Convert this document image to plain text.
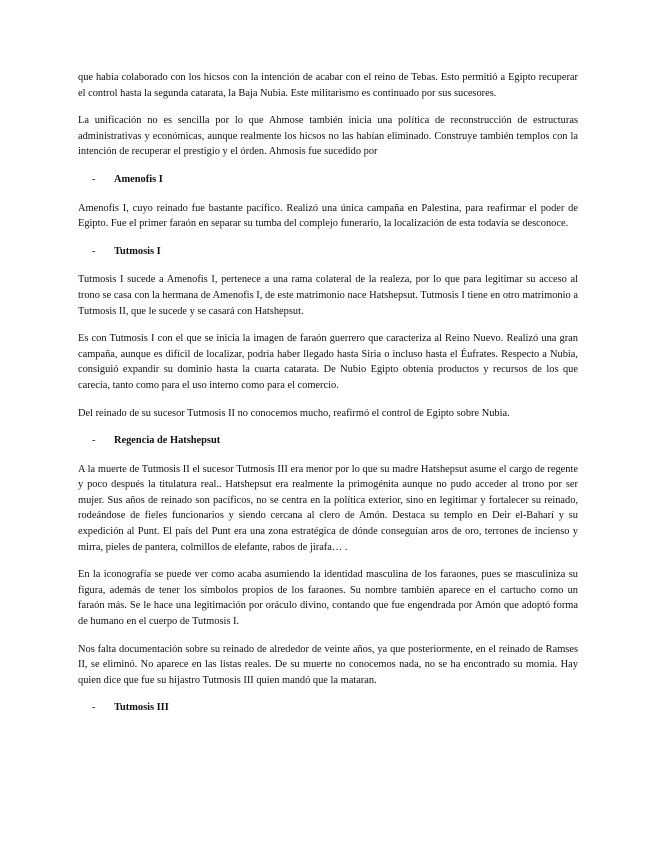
que había colaborado con los hicsos con la intención de acabar con el reino de Tebas. Esto permitió a Egipto recuperar el control hasta la segunda catarata, la Baja Nubia. Este militarismo es continuado por sus sucesores.

La unificación no es sencilla por lo que Ahmose también inicia una política de reconstrucción de estructuras administrativas y económicas, aunque realmente los hicsos no las habían eliminado. Construye también templos con la intención de recuperar el prestigio y el órden. Ahmosis fue sucedido por

-	Amenofis I

Amenofis I, cuyo reinado fue bastante pacífico. Realizó una única campaña en Palestina, para reafirmar el poder de Egipto. Fue el primer faraón en separar su tumba del complejo funerario, la localización de esta todavía se desconoce.

-	Tutmosis I

Tutmosis I sucede a Amenofis I, pertenece a una rama colateral de la realeza, por lo que para legitimar su acceso al trono se casa con la hermana de Amenofis I, de este matrimonio nace Hatshepsut. Tutmosis I tiene en otro matrimonio a Tutmosis II, que le sucede y se casará con Hatshepsut.

Es con Tutmosis I con el que se inicia la imagen de faraón guerrero que caracteriza al Reino Nuevo. Realizó una gran campaña, aunque es difícil de localizar, podría haber llegado hasta Siria o incluso hasta el Éufrates. Respecto a Nubia, consiguió expandir su dominio hasta la cuarta catarata. De Nubio Egipto obtenía productos y recursos de los que carecía, tanto como para el uso interno como para el comercio.

Del reinado de su sucesor Tutmosis II no conocemos mucho, reafirmó el control de Egipto sobre Nubia.

-	Regencia de Hatshepsut

A la muerte de Tutmosis II el sucesor Tutmosis III era menor por lo que su madre Hatshepsut asume el cargo de regente y poco después la titulatura real.. Hatshepsut era realmente la primogénita aunque no pudo acceder al trono por ser mujer. Sus años de reinado son pacíficos, no se centra en la política exterior, sino en legitimar y fortalecer su reinado, rodeándose de fieles funcionarios y siendo cercana al clero de Amón. Destaca su templo en Deir el-Baharí y su expedición al Punt. El país del Punt era una zona estratégica de dónde conseguían aros de oro, terrones de incienso y mirra, pieles de pantera, colmillos de elefante, rabos de jirafa… .

En la iconografía se puede ver como acaba asumiendo la identidad masculina de los faraones, pues se masculiniza su figura, además de tener los símbolos propios de los faraones. Su nombre también aparece en el cartucho como un faraón más. Se le hace una legitimación por oráculo divino, contando que fue engendrada por Amón que adoptó forma de humano en el cuerpo de Tutmosis I.

Nos falta documentación sobre su reinado de alrededor de veinte años, ya que posteriormente, en el reinado de Ramses II, se eliminó. No aparece en las listas reales. De su muerte no conocemos nada, no se ha encontrado su momia. Hay quien dice que fue su hijastro Tutmosis III quien mandó que la mataran.

-	Tutmosis III
